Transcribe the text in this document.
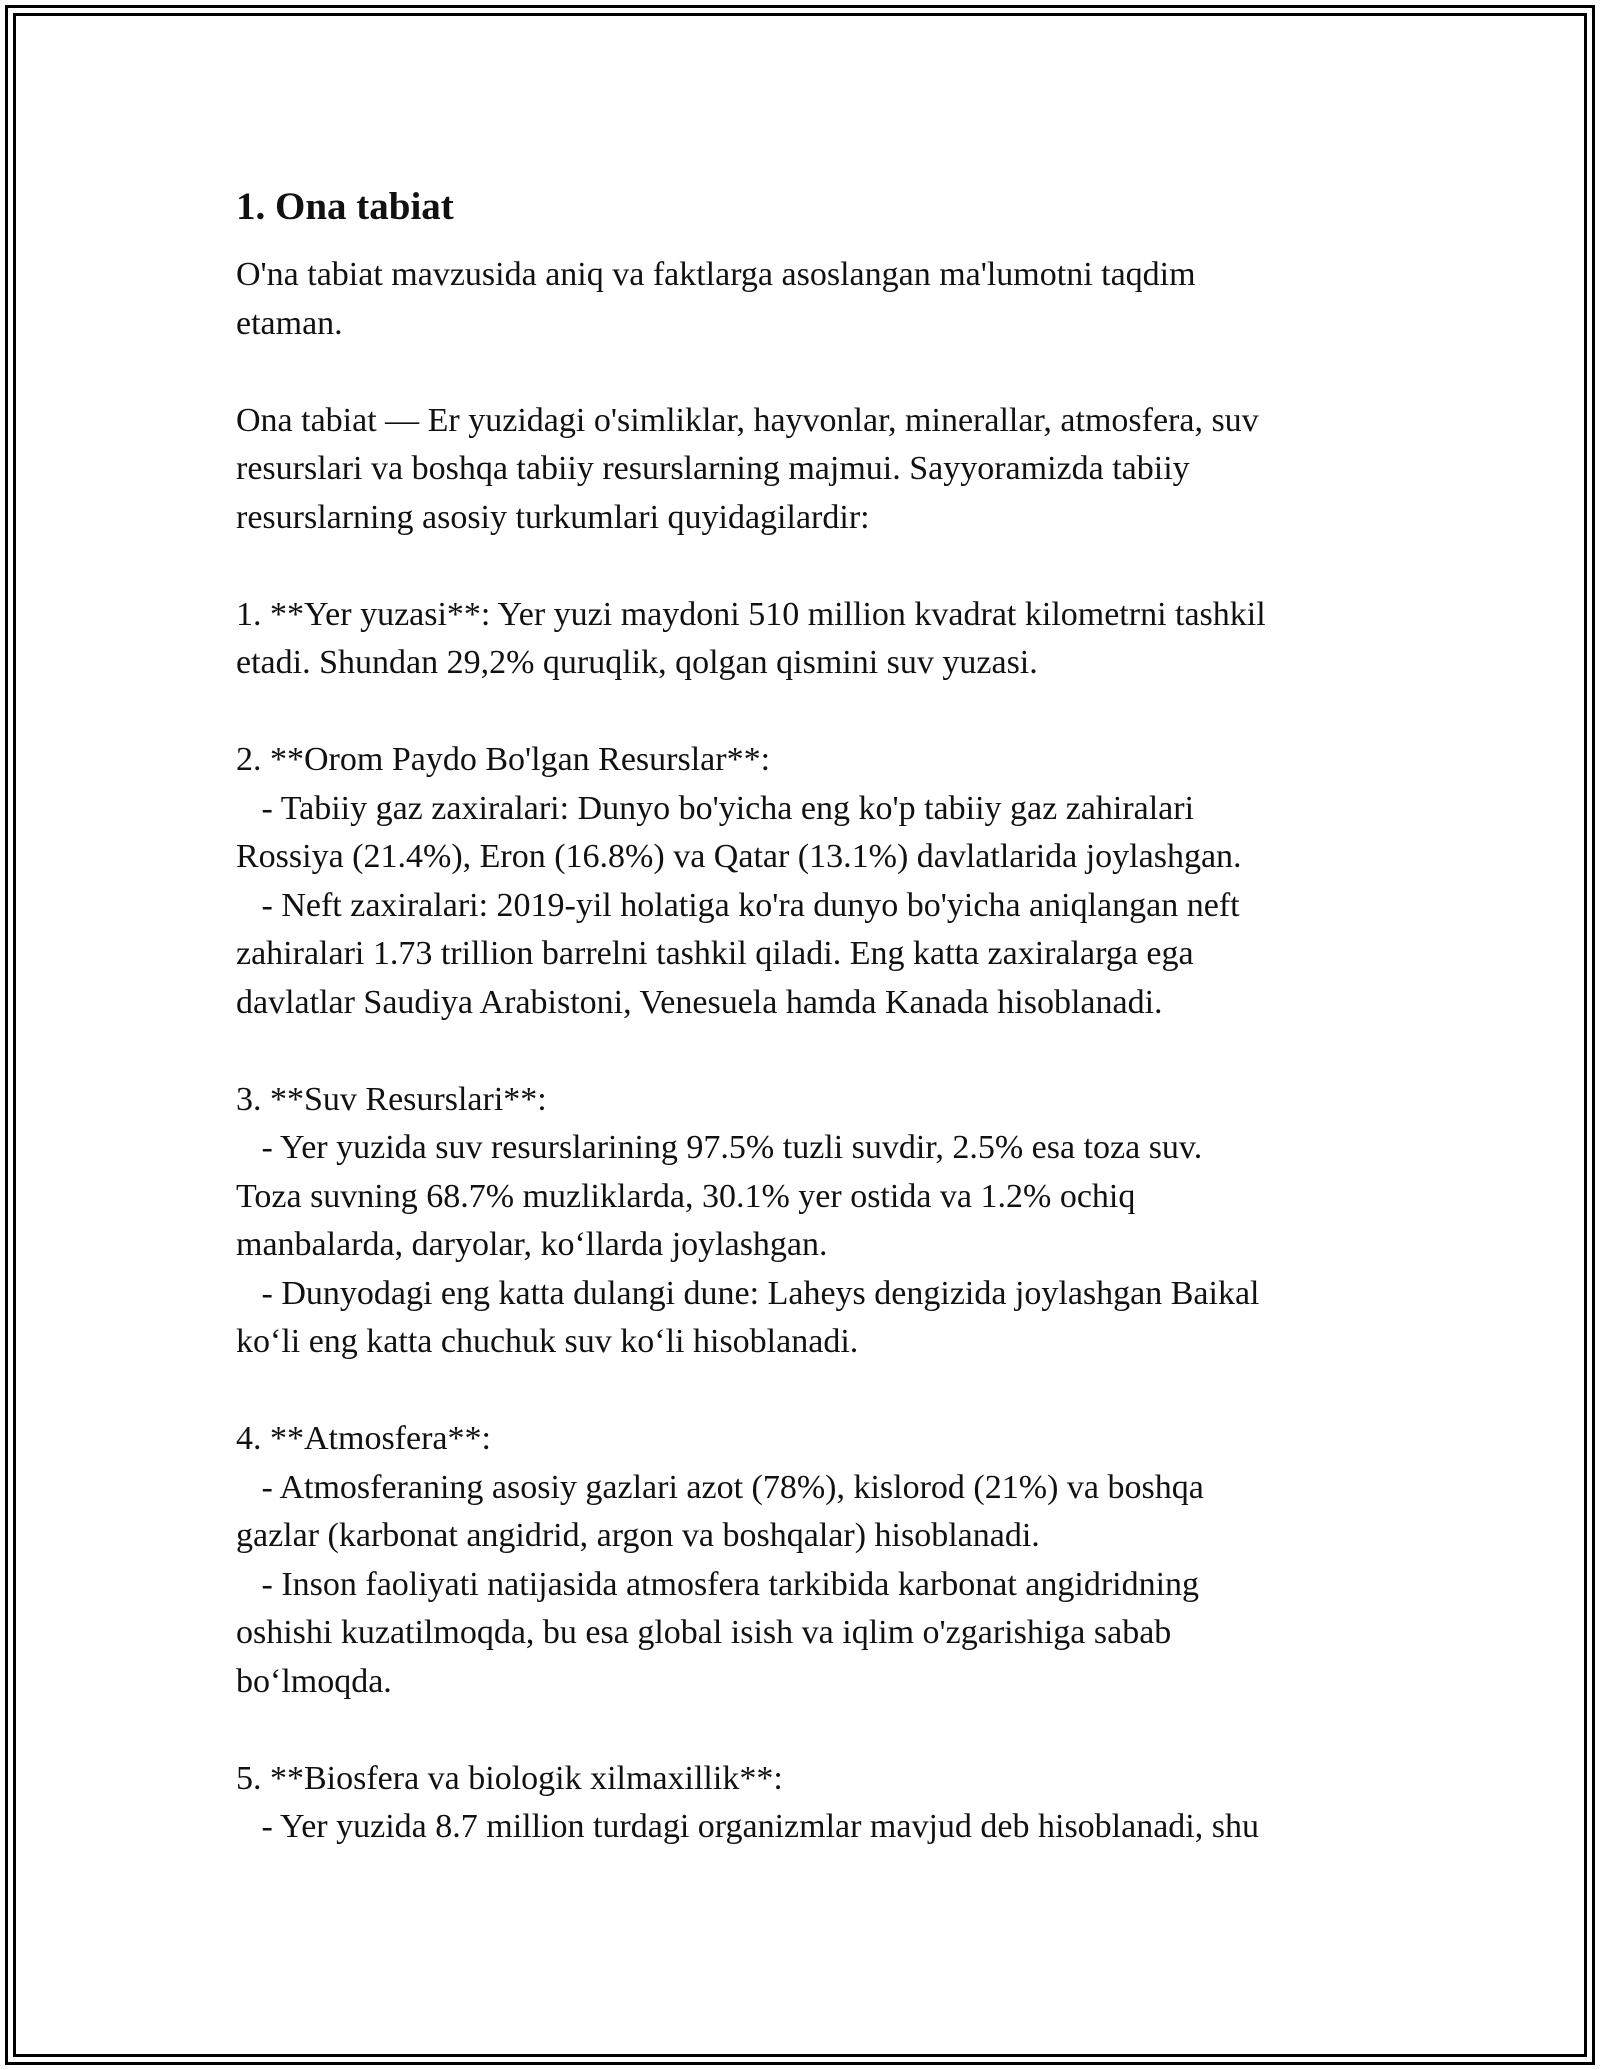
1. Ona tabiat
O'na tabiat mavzusida aniq va faktlarga asoslangan ma'lumotni taqdim
etaman.
Ona tabiat — Er yuzidagi o'simliklar, hayvonlar, minerallar, atmosfera, suv
resurslari va boshqa tabiiy resurslarning majmui. Sayyoramizda tabiiy
resurslarning asosiy turkumlari quyidagilardir:
1. **Yer yuzasi**: Yer yuzi maydoni 510 million kvadrat kilometrni tashkil
etadi. Shundan 29,2% quruqlik, qolgan qismini suv yuzasi.
2. **Orom Paydo Bo'lgan Resurslar**:
- Tabiiy gaz zaxiralari: Dunyo bo'yicha eng ko'p tabiiy gaz zahiralari
Rossiya (21.4%), Eron (16.8%) va Qatar (13.1%) davlatlarida joylashgan.
- Neft zaxiralari: 2019-yil holatiga ko'ra dunyo bo'yicha aniqlangan neft
zahiralari 1.73 trillion barrelni tashkil qiladi. Eng katta zaxiralarga ega
davlatlar Saudiya Arabistoni, Venesuela hamda Kanada hisoblanadi.
3. **Suv Resurslari**:
- Yer yuzida suv resurslarining 97.5% tuzli suvdir, 2.5% esa toza suv.
Toza suvning 68.7% muzliklarda, 30.1% yer ostida va 1.2% ochiq
manbalarda, daryolar, koʻllarda joylashgan.
- Dunyodagi eng katta dulangi dune: Laheys dengizida joylashgan Baikal
koʻli eng katta chuchuk suv koʻli hisoblanadi.
4. **Atmosfera**:
- Atmosferaning asosiy gazlari azot (78%), kislorod (21%) va boshqa
gazlar (karbonat angidrid, argon va boshqalar) hisoblanadi.
- Inson faoliyati natijasida atmosfera tarkibida karbonat angidridning
oshishi kuzatilmoqda, bu esa global isish va iqlim o'zgarishiga sabab
boʻlmoqda.
5. **Biosfera va biologik xilmaxillik**:
- Yer yuzida 8.7 million turdagi organizmlar mavjud deb hisoblanadi, shu
